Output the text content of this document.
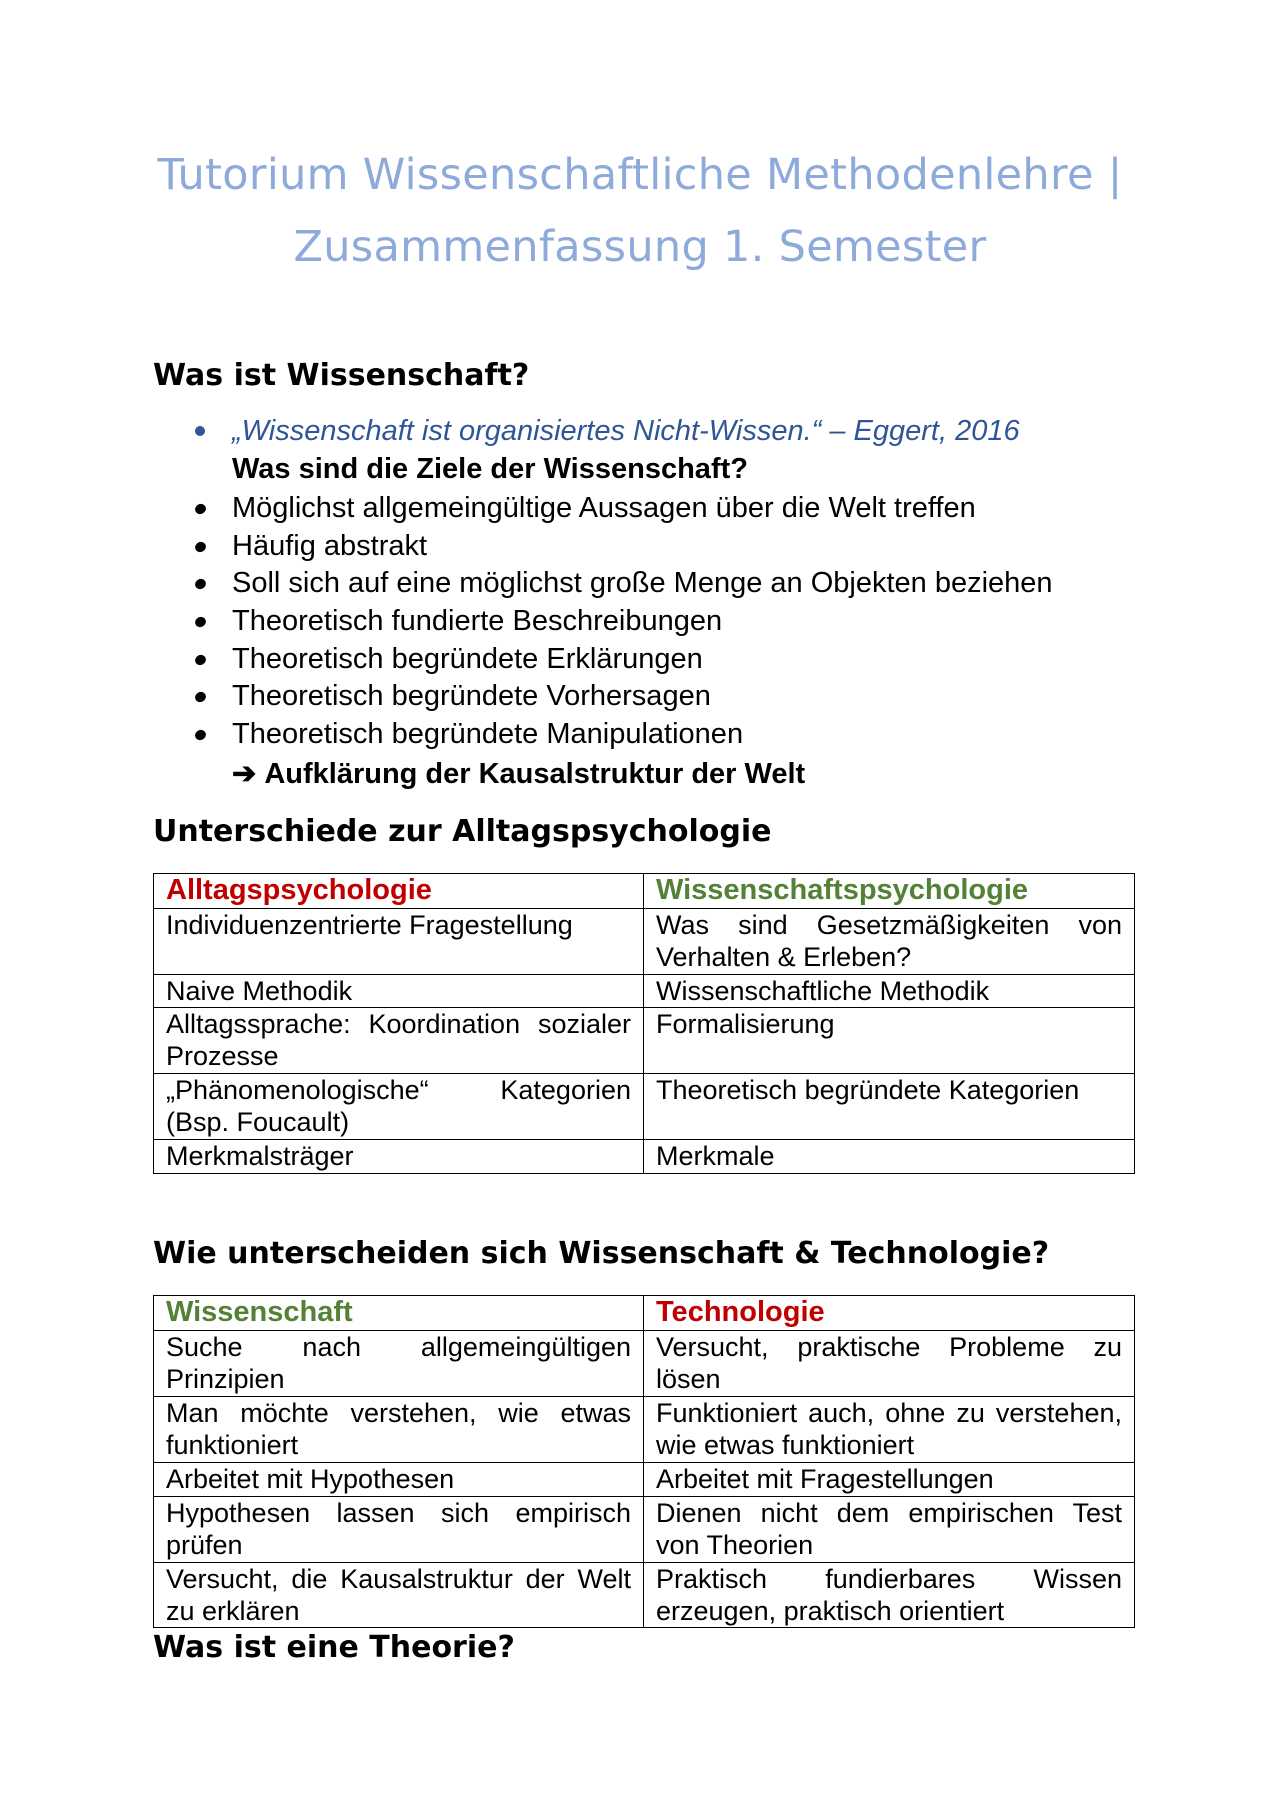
Tutorium Wissenschaftliche Methodenlehre |
Zusammenfassung 1. Semester
Was ist Wissenschaft?
„Wissenschaft ist organisiertes Nicht-Wissen.“ – Eggert, 2016
Was sind die Ziele der Wissenschaft?
Möglichst allgemeingültige Aussagen über die Welt treffen
Häufig abstrakt
Soll sich auf eine möglichst große Menge an Objekten beziehen
Theoretisch fundierte Beschreibungen
Theoretisch begründete Erklärungen
Theoretisch begründete Vorhersagen
Theoretisch begründete Manipulationen
➔ Aufklärung der Kausalstruktur der Welt
Unterschiede zur Alltagspsychologie
Alltagspsychologie	Wissenschaftspsychologie
Individuenzentrierte Fragestellung	Was sind Gesetzmäßigkeiten von Verhalten & Erleben?
Naive Methodik	Wissenschaftliche Methodik
Alltagssprache: Koordination sozialer Prozesse	Formalisierung
„Phänomenologische“ Kategorien (Bsp. Foucault)	Theoretisch begründete Kategorien
Merkmalsträger	Merkmale
Wie unterscheiden sich Wissenschaft & Technologie?
Wissenschaft	Technologie
Suche nach allgemeingültigen Prinzipien	Versucht, praktische Probleme zu lösen
Man möchte verstehen, wie etwas funktioniert	Funktioniert auch, ohne zu verstehen, wie etwas funktioniert
Arbeitet mit Hypothesen	Arbeitet mit Fragestellungen
Hypothesen lassen sich empirisch prüfen	Dienen nicht dem empirischen Test von Theorien
Versucht, die Kausalstruktur der Welt zu erklären	Praktisch fundierbares Wissen erzeugen, praktisch orientiert
Was ist eine Theorie?
